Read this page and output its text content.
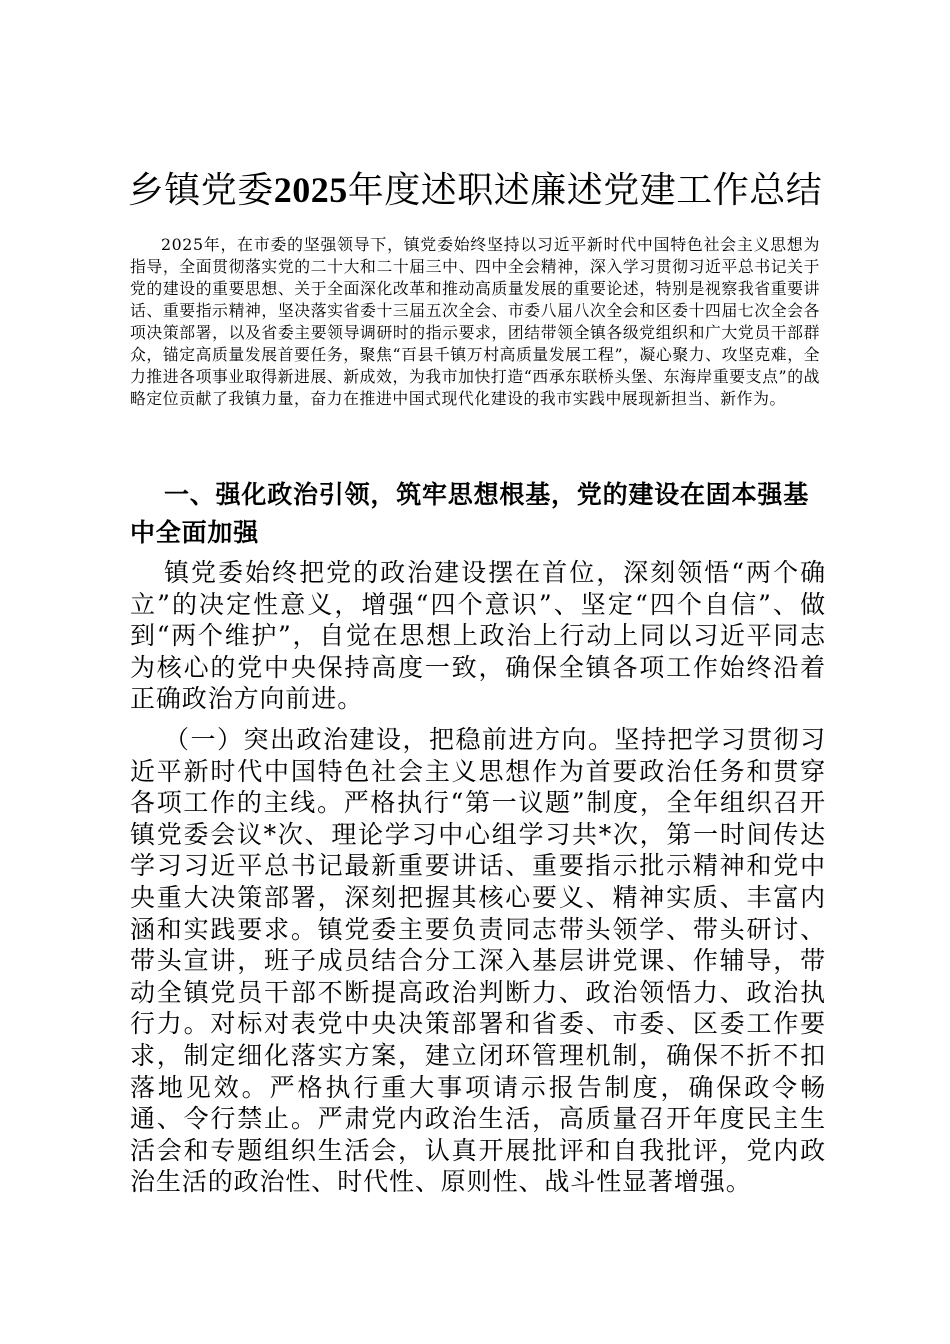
乡镇党委2025年度述职述廉述党建工作总结

2025年，在市委的坚强领导下，镇党委始终坚持以习近平新时代中国特色社会主义思想为指导，全面贯彻落实党的二十大和二十届三中、四中全会精神，深入学习贯彻习近平总书记关于党的建设的重要思想、关于全面深化改革和推动高质量发展的重要论述，特别是视察我省重要讲话、重要指示精神，坚决落实省委十三届五次全会、市委八届八次全会和区委十四届七次全会各项决策部署，以及省委主要领导调研时的指示要求，团结带领全镇各级党组织和广大党员干部群众，锚定高质量发展首要任务，聚焦“百县千镇万村高质量发展工程”，凝心聚力、攻坚克难，全力推进各项事业取得新进展、新成效，为我市加快打造“西承东联桥头堡、东海岸重要支点”的战略定位贡献了我镇力量，奋力在推进中国式现代化建设的我市实践中展现新担当、新作为。

一、强化政治引领，筑牢思想根基，党的建设在固本强基中全面加强

镇党委始终把党的政治建设摆在首位，深刻领悟“两个确立”的决定性意义，增强“四个意识”、坚定“四个自信”、做到“两个维护”，自觉在思想上政治上行动上同以习近平同志为核心的党中央保持高度一致，确保全镇各项工作始终沿着正确政治方向前进。

（一）突出政治建设，把稳前进方向。坚持把学习贯彻习近平新时代中国特色社会主义思想作为首要政治任务和贯穿各项工作的主线。严格执行“第一议题”制度，全年组织召开镇党委会议*次、理论学习中心组学习共*次，第一时间传达学习习近平总书记最新重要讲话、重要指示批示精神和党中央重大决策部署，深刻把握其核心要义、精神实质、丰富内涵和实践要求。镇党委主要负责同志带头领学、带头研讨、带头宣讲，班子成员结合分工深入基层讲党课、作辅导，带动全镇党员干部不断提高政治判断力、政治领悟力、政治执行力。对标对表党中央决策部署和省委、市委、区委工作要求，制定细化落实方案，建立闭环管理机制，确保不折不扣落地见效。严格执行重大事项请示报告制度，确保政令畅通、令行禁止。严肃党内政治生活，高质量召开年度民主生活会和专题组织生活会，认真开展批评和自我批评，党内政治生活的政治性、时代性、原则性、战斗性显著增强。
